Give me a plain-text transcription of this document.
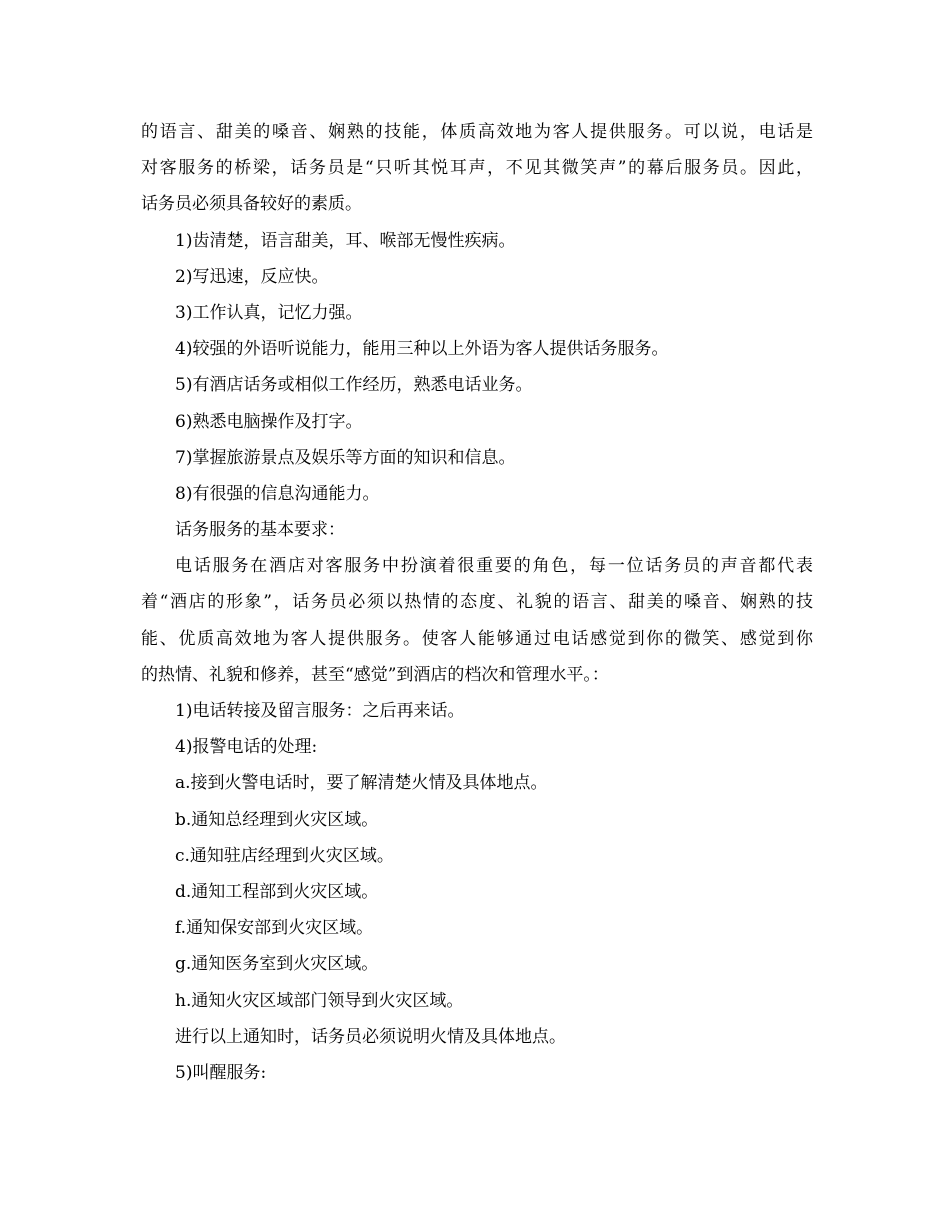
的语言、甜美的嗓音、娴熟的技能，体质高效地为客人提供服务。可以说，电话是
对客服务的桥梁，话务员是“只听其悦耳声，不见其微笑声”的幕后服务员。因此，
话务员必须具备较好的素质。
1)齿清楚，语言甜美，耳、喉部无慢性疾病。
2)写迅速，反应快。
3)工作认真，记忆力强。
4)较强的外语听说能力，能用三种以上外语为客人提供话务服务。
5)有酒店话务或相似工作经历，熟悉电话业务。
6)熟悉电脑操作及打字。
7)掌握旅游景点及娱乐等方面的知识和信息。
8)有很强的信息沟通能力。
话务服务的基本要求：
电话服务在酒店对客服务中扮演着很重要的角色，每一位话务员的声音都代表
着“酒店的形象”，话务员必须以热情的态度、礼貌的语言、甜美的嗓音、娴熟的技
能、优质高效地为客人提供服务。使客人能够通过电话感觉到你的微笑、感觉到你
的热情、礼貌和修养，甚至“感觉”到酒店的档次和管理水平。：
1)电话转接及留言服务：之后再来话。
4)报警电话的处理:
a.接到火警电话时，要了解清楚火情及具体地点。
b.通知总经理到火灾区域。
c.通知驻店经理到火灾区域。
d.通知工程部到火灾区域。
f.通知保安部到火灾区域。
g.通知医务室到火灾区域。
h.通知火灾区域部门领导到火灾区域。
进行以上通知时，话务员必须说明火情及具体地点。
5)叫醒服务:
